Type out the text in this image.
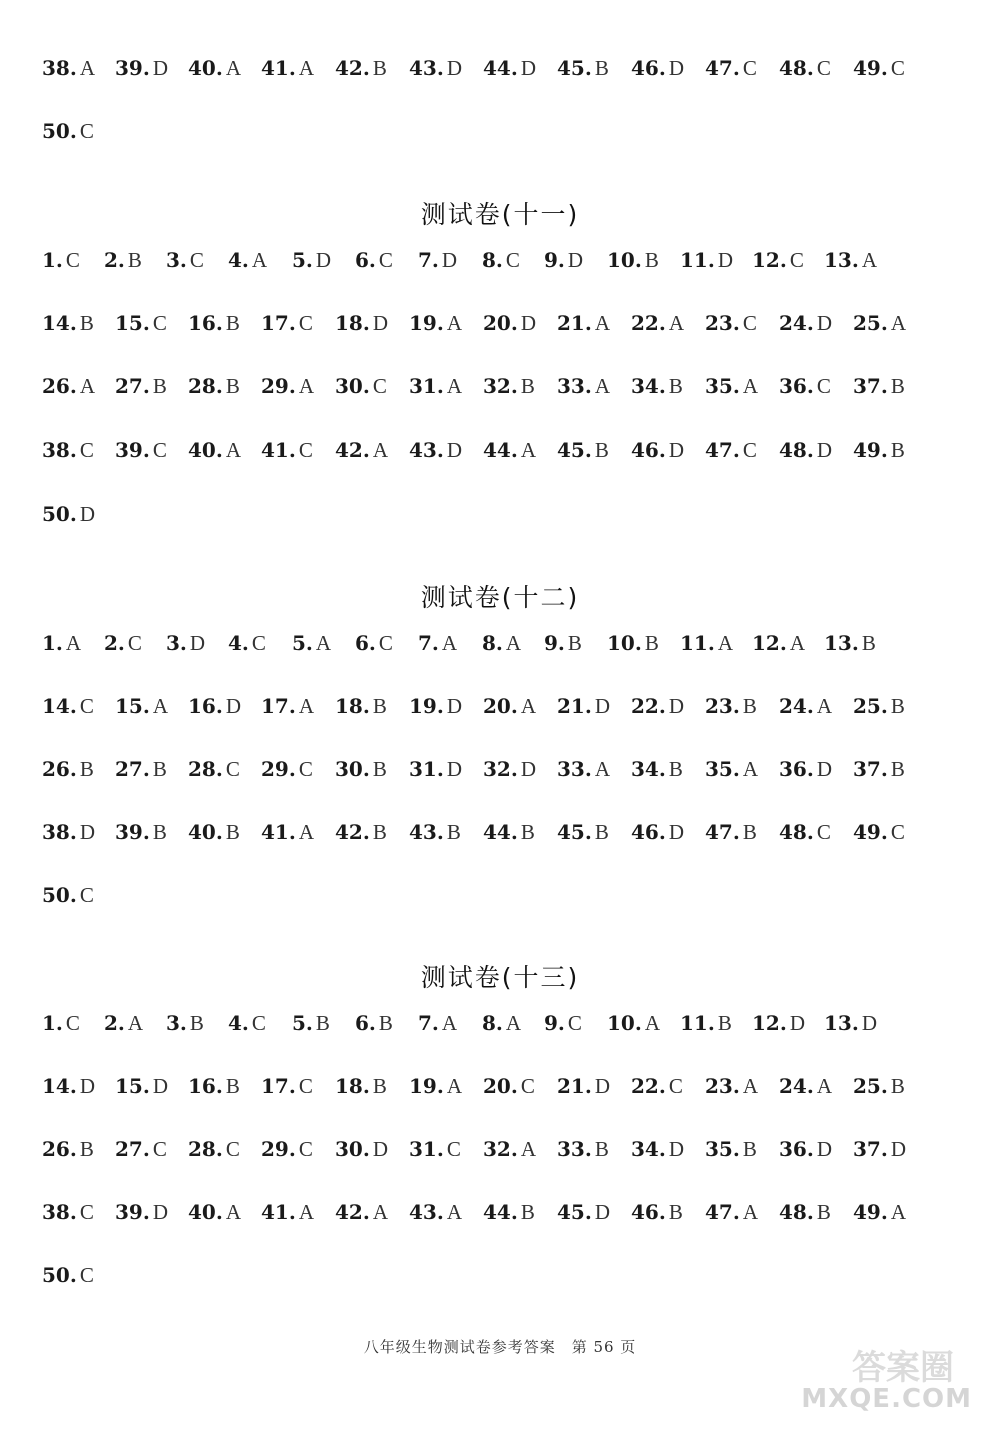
38. A 39. D 40. A 41. A 42. B 43. D 44. D 45. B 46. D 47. C 48. C 49. C
50. C
测试卷(十一)
1. C 2. B 3. C 4. A 5. D 6. C 7. D 8. C 9. D 10. B 11. D 12. C 13. A
14. B 15. C 16. B 17. C 18. D 19. A 20. D 21. A 22. A 23. C 24. D 25. A
26. A 27. B 28. B 29. A 30. C 31. A 32. B 33. A 34. B 35. A 36. C 37. B
38. C 39. C 40. A 41. C 42. A 43. D 44. A 45. B 46. D 47. C 48. D 49. B
50. D
测试卷(十二)
1. A 2. C 3. D 4. C 5. A 6. C 7. A 8. A 9. B 10. B 11. A 12. A 13. B
14. C 15. A 16. D 17. A 18. B 19. D 20. A 21. D 22. D 23. B 24. A 25. B
26. B 27. B 28. C 29. C 30. B 31. D 32. D 33. A 34. B 35. A 36. D 37. B
38. D 39. B 40. B 41. A 42. B 43. B 44. B 45. B 46. D 47. B 48. C 49. C
50. C
测试卷(十三)
1. C 2. A 3. B 4. C 5. B 6. B 7. A 8. A 9. C 10. A 11. B 12. D 13. D
14. D 15. D 16. B 17. C 18. B 19. A 20. C 21. D 22. C 23. A 24. A 25. B
26. B 27. C 28. C 29. C 30. D 31. C 32. A 33. B 34. D 35. B 36. D 37. D
38. C 39. D 40. A 41. A 42. A 43. A 44. B 45. D 46. B 47. A 48. B 49. A
50. C
八年级生物测试卷参考答案　第 56 页
答案圈
MXQE.COM
